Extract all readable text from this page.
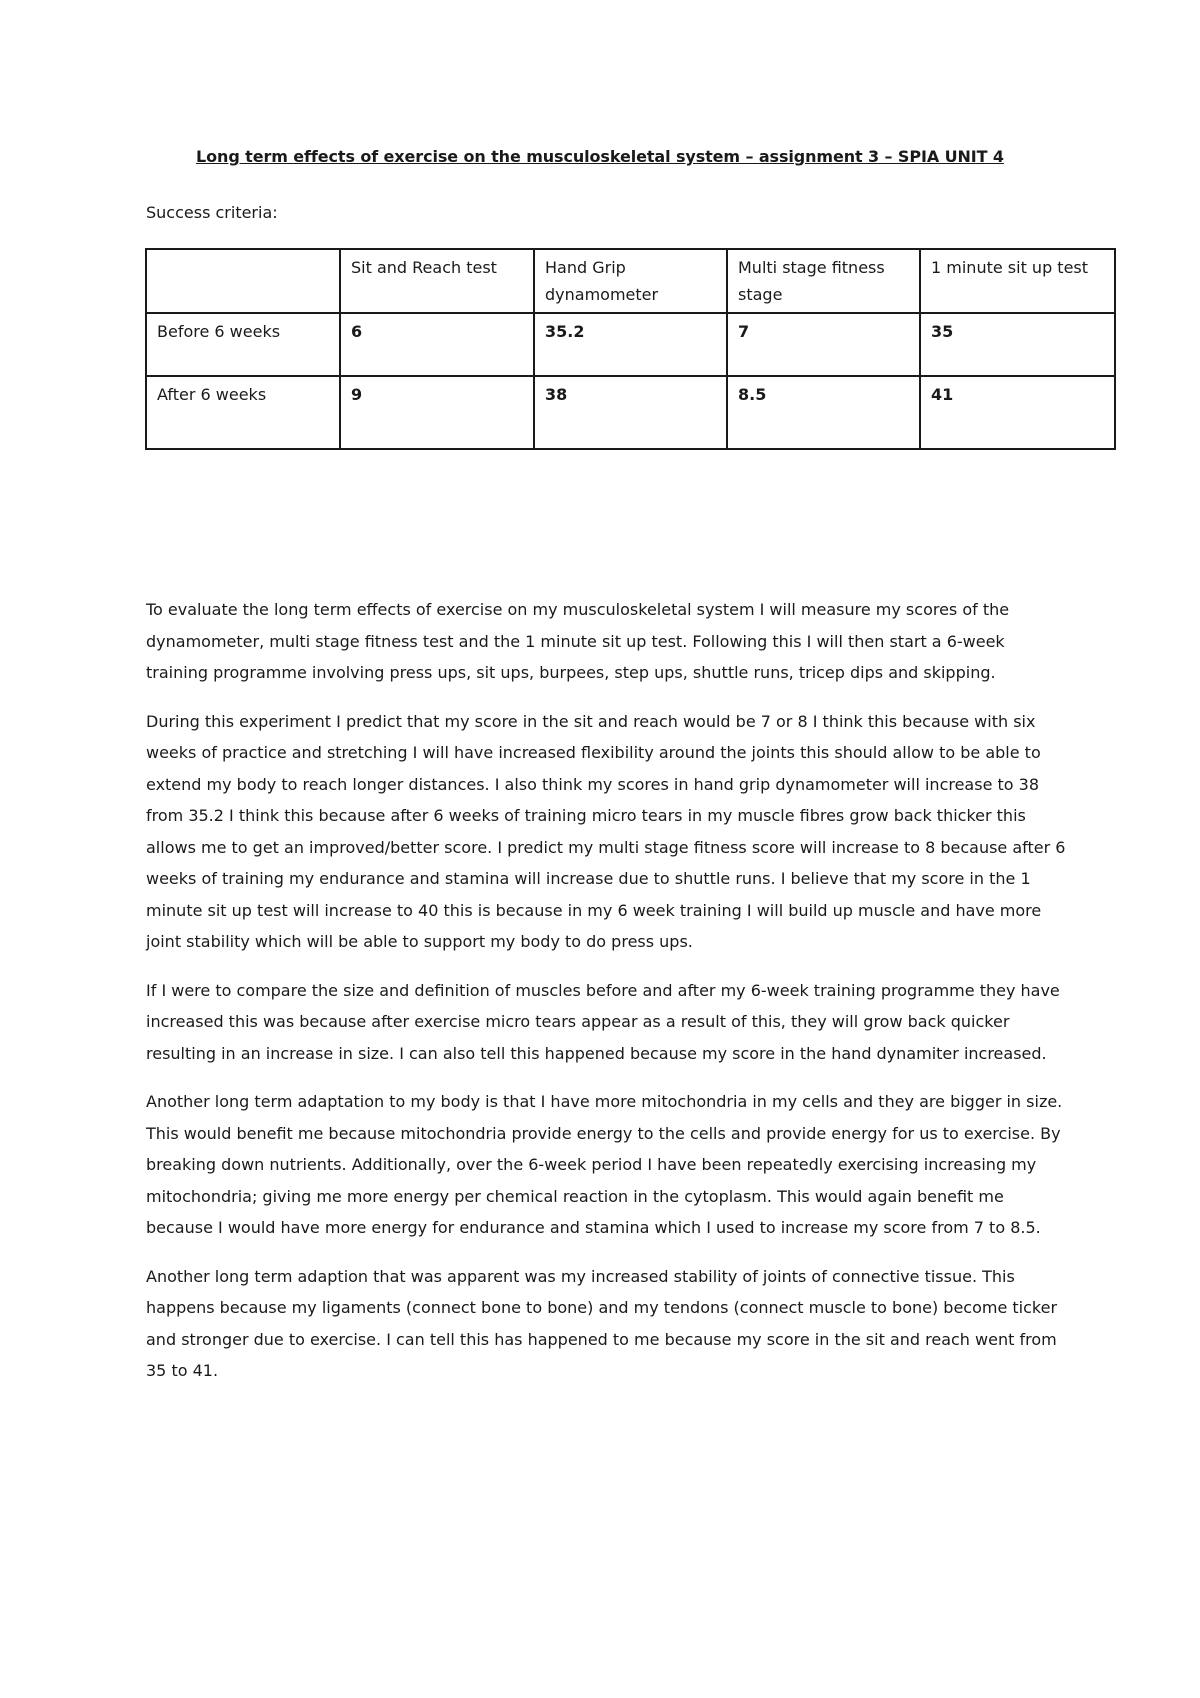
Long term effects of exercise on the musculoskeletal system – assignment 3 – SPIA UNIT 4
Success criteria:
	Sit and Reach test	Hand Grip dynamometer	Multi stage fitness stage	1 minute sit up test
Before 6 weeks	6	35.2	7	35
After 6 weeks	9	38	8.5	41

To evaluate the long term effects of exercise on my musculoskeletal system I will measure my scores of the dynamometer, multi stage fitness test and the 1 minute sit up test. Following this I will then start a 6-week training programme involving press ups, sit ups, burpees, step ups, shuttle runs, tricep dips and skipping.

During this experiment I predict that my score in the sit and reach would be 7 or 8 I think this because with six weeks of practice and stretching I will have increased flexibility around the joints this should allow to be able to extend my body to reach longer distances. I also think my scores in hand grip dynamometer will increase to 38 from 35.2 I think this because after 6 weeks of training micro tears in my muscle fibres grow back thicker this allows me to get an improved/better score. I predict my multi stage fitness score will increase to 8 because after 6 weeks of training my endurance and stamina will increase due to shuttle runs. I believe that my score in the 1 minute sit up test will increase to 40 this is because in my 6 week training I will build up muscle and have more joint stability which will be able to support my body to do press ups.

If I were to compare the size and definition of muscles before and after my 6-week training programme they have increased this was because after exercise micro tears appear as a result of this, they will grow back quicker resulting in an increase in size. I can also tell this happened because my score in the hand dynamiter increased.

Another long term adaptation to my body is that I have more mitochondria in my cells and they are bigger in size. This would benefit me because mitochondria provide energy to the cells and provide energy for us to exercise. By breaking down nutrients. Additionally, over the 6-week period I have been repeatedly exercising increasing my mitochondria; giving me more energy per chemical reaction in the cytoplasm. This would again benefit me because I would have more energy for endurance and stamina which I used to increase my score from 7 to 8.5.

Another long term adaption that was apparent was my increased stability of joints of connective tissue. This happens because my ligaments (connect bone to bone) and my tendons (connect muscle to bone) become ticker and stronger due to exercise. I can tell this has happened to me because my score in the sit and reach went from 35 to 41.
